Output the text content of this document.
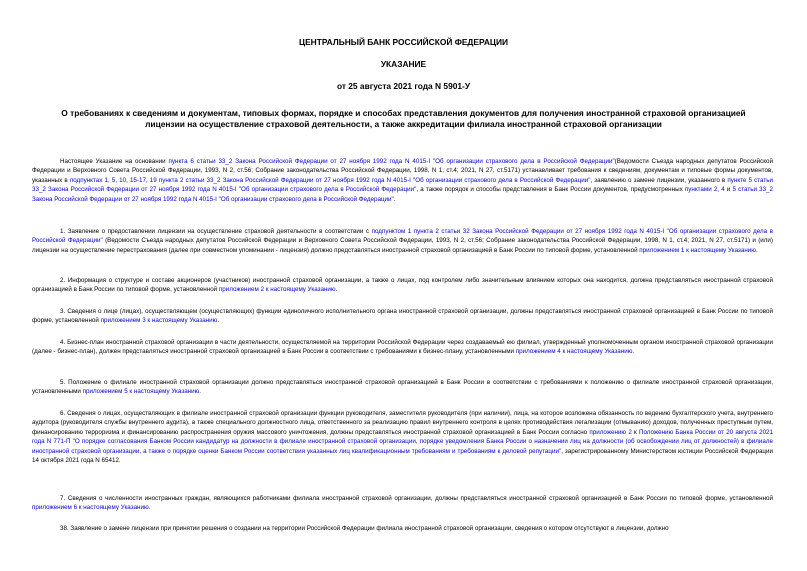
ЦЕНТРАЛЬНЫЙ БАНК РОССИЙСКОЙ ФЕДЕРАЦИИ
УКАЗАНИЕ
от 25 августа 2021 года N 5901-У
О требованиях к сведениям и документам, типовых формах, порядке и способах представления документов для получения иностранной страховой организацией лицензии на осуществление страховой деятельности, а также аккредитации филиала иностранной страховой организации

Настоящее Указание на основании пункта 6 статьи 33_2 Закона Российской Федерации от 27 ноября 1992 года N 4015-I "Об организации страхового дела в Российской Федерации"(Ведомости Съезда народных депутатов Российской Федерации и Верховного Совета Российской Федерации, 1993, N 2, ст.56; Собрание законодательства Российской Федерации, 1998, N 1, ст.4; 2021, N 27, ст.5171) устанавливает требования к сведениям, документам и типовые формы документов, указанных в подпунктах 1, 5, 10, 15-17, 19 пункта 2 статьи 33_2 Закона Российской Федерации от 27 ноября 1992 года N 4015-I "Об организации страхового дела в Российской Федерации", заявлению о замене лицензии, указанного в пункте 5 статьи 33_2 Закона Российской Федерации от 27 ноября 1992 года N 4015-I "Об организации страхового дела в Российской Федерации", а также порядок и способы представления в Банк России документов, предусмотренных пунктами 2, 4 и 5 статьи 33_2 Закона Российской Федерации от 27 ноября 1992 года N 4015-I "Об организации страхового дела в Российской Федерации".

1. Заявление о предоставлении лицензии на осуществление страховой деятельности в соответствии с подпунктом 1 пункта 2 статьи 32 Закона Российской Федерации от 27 ноября 1992 года N 4015-I "Об организации страхового дела в Российской Федерации" (Ведомости Съезда народных депутатов Российской Федерации и Верховного Совета Российской Федерации, 1993, N 2, ст.56; Собрание законодательства Российской Федерации, 1998, N 1, ст.4; 2021, N 27, ст.5171) и (или) лицензии на осуществление перестрахования (далее при совместном упоминании - лицензия) должно представляться иностранной страховой организацией в Банк России по типовой форме, установленной приложением 1 к настоящему Указанию.

2. Информация о структуре и составе акционеров (участников) иностранной страховой организации, а также о лицах, под контролем либо значительным влиянием которых она находится, должна представляться иностранной страховой организацией в Банк России по типовой форме, установленной приложением 2 к настоящему Указанию.

3. Сведения о лице (лицах), осуществляющем (осуществляющих) функции единоличного исполнительного органа иностранной страховой организации, должны представляться иностранной страховой организацией в Банк России по типовой форме, установленной приложением 3 к настоящему Указанию.

4. Бизнес-план иностранной страховой организации в части деятельности, осуществляемой на территории Российской Федерации через создаваемый ею филиал, утвержденный уполномоченным органом иностранной страховой организации (далее - бизнес-план), должен представляться иностранной страховой организацией в Банк России в соответствии с требованиями к бизнес-плану, установленными приложением 4 к настоящему Указанию.

5. Положение о филиале иностранной страховой организации должно представляться иностранной страховой организацией в Банк России в соответствии с требованиями к положению о филиале иностранной страховой организации, установленными приложением 5 к настоящему Указанию.

6. Сведения о лицах, осуществляющих в филиале иностранной страховой организации функции руководителя, заместителя руководителя (при наличии), лица, на которое возложена обязанность по ведению бухгалтерского учета, внутреннего аудитора (руководителя службы внутреннего аудита), а также специального должностного лица, ответственного за реализацию правил внутреннего контроля в целях противодействия легализации (отмыванию) доходов, полученных преступным путем, финансированию терроризма и финансированию распространения оружия массового уничтожения, должны представляться иностранной страховой организацией в Банк России согласно приложению 2 к Положению Банка России от 20 августа 2021 года N 771-П "О порядке согласования Банком России кандидатур на должности в филиале иностранной страховой организации, порядке уведомления Банка России о назначении лиц на должности (об освобождении лиц от должностей) в филиале иностранной страховой организации, а также о порядке оценки Банком России соответствия указанных лиц квалификационным требованиям и требованиям к деловой репутации", зарегистрированному Министерством юстиции Российской Федерации 14 октября 2021 года N 65412.

7. Сведения о численности иностранных граждан, являющихся работниками филиала иностранной страховой организации, должны представляться иностранной страховой организацией в Банк России по типовой форме, установленной приложением 6 к настоящему Указанию.

38. Заявление о замене лицензии при принятии решения о создании на территории Российской Федерации филиала иностранной страховой организации, сведения о котором отсутствуют в лицензии, должно
